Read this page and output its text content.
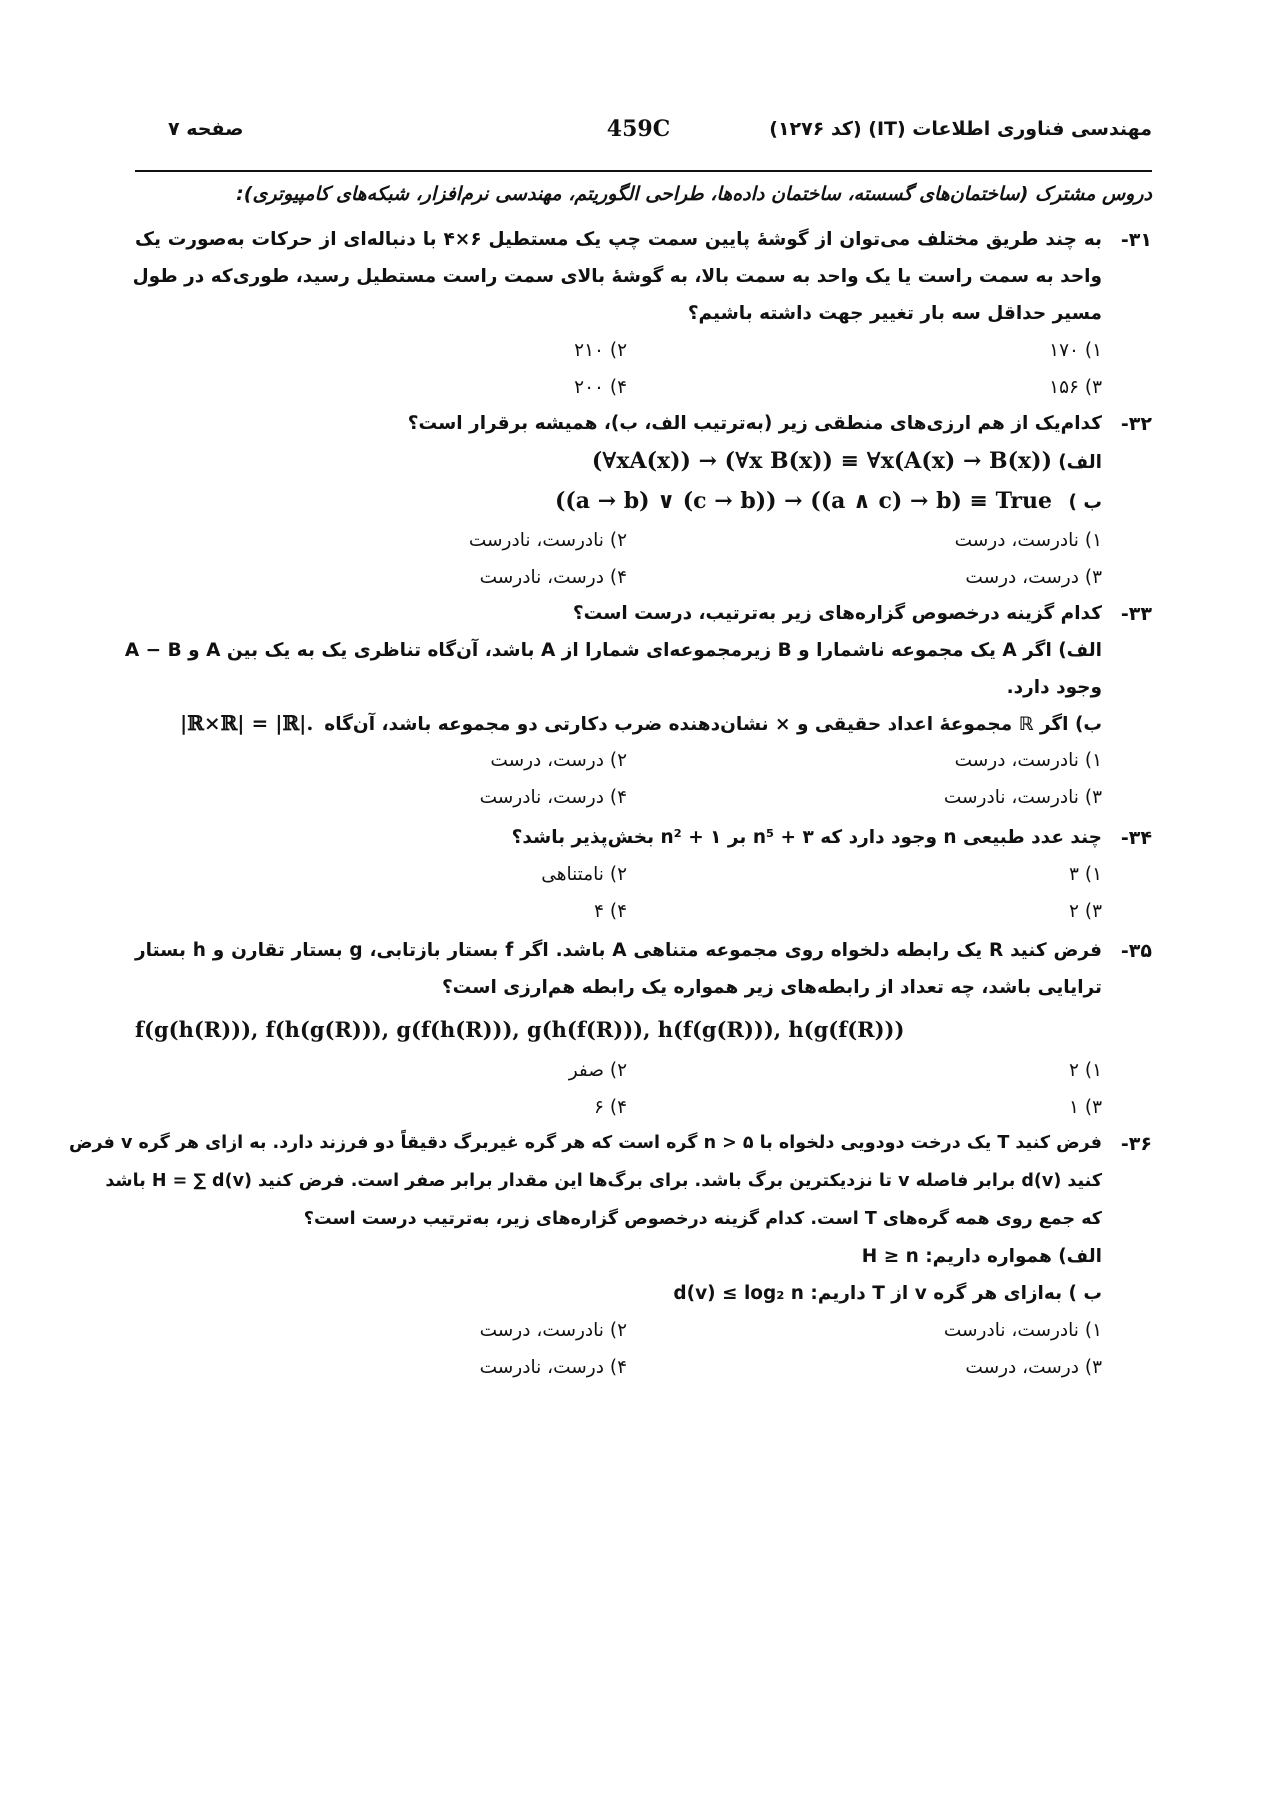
مهندسی فناوری اطلاعات (IT) (کد ۱۲۷۶)
459C
صفحه ۷
دروس مشترک (ساختمان‌های گسسته، ساختمان داده‌ها، طراحی الگوریتم، مهندسی نرم‌افزار، شبکه‌های کامپیوتری):
۳۱-
به چند طریق مختلف می‌توان از گوشهٔ پایین سمت چپ یک مستطیل ۶×۴ با دنباله‌ای از حرکات به‌صورت یک
واحد به سمت راست یا یک واحد به سمت بالا، به گوشهٔ بالای سمت راست مستطیل رسید، طوری‌که در طول
مسیر حداقل سه بار تغییر جهت داشته باشیم؟
۱) ۱۷۰
۲) ۲۱۰
۳) ۱۵۶
۴) ۲۰۰
۳۲-
کدام‌یک از هم ارزی‌های منطقی زیر (به‌ترتیب الف، ب)، همیشه برقرار است؟
الف)
(∀xA(x)) → (∀x B(x)) ≡ ∀x(A(x) → B(x))
ب )
((a → b) ∨ (c → b)) → ((a ∧ c) → b) ≡ True
۱) نادرست، درست
۲) نادرست، نادرست
۳) درست، درست
۴) درست، نادرست
۳۳-
کدام گزینه درخصوص گزاره‌های زیر به‌ترتیب، درست است؟
الف) اگر A یک مجموعه ناشمارا و B زیرمجموعه‌ای شمارا از A باشد، آن‌گاه تناظری یک به یک بین A و A − B
وجود دارد.
ب) اگر ℝ مجموعهٔ اعداد حقیقی و × نشان‌دهنده ضرب دکارتی دو مجموعه باشد، آن‌گاه
|ℝ×ℝ| = |ℝ|.
۱) نادرست، درست
۲) درست، درست
۳) نادرست، نادرست
۴) درست، نادرست
۳۴-
چند عدد طبیعی n وجود دارد که n⁵ + ۳ بر n² + ۱ بخش‌پذیر باشد؟
۱) ۳
۲) نامتناهی
۳) ۲
۴) ۴
۳۵-
فرض کنید R یک رابطه دلخواه روی مجموعه متناهی A باشد. اگر f بستار بازتابی، g بستار تقارن و h بستار
ترایایی باشد، چه تعداد از رابطه‌های زیر همواره یک رابطه هم‌ارزی است؟
f(g(h(R))), f(h(g(R))), g(f(h(R))), g(h(f(R))), h(f(g(R))), h(g(f(R)))
۱) ۲
۲) صفر
۳) ۱
۴) ۶
۳۶-
فرض کنید T یک درخت دودویی دلخواه با n > ۵ گره است که هر گره غیربرگ دقیقاً دو فرزند دارد. به ازای هر گره v فرض
کنید d(v) برابر فاصله v تا نزدیکترین برگ باشد. برای برگ‌ها این مقدار برابر صفر است. فرض کنید H = ∑ d(v) باشد
که جمع روی همه گره‌های T است. کدام گزینه درخصوص گزاره‌های زیر، به‌ترتیب درست است؟
الف) همواره داریم: H ≥ n
ب ) به‌ازای هر گره v از T داریم: d(v) ≤ log₂ n
۱) نادرست، نادرست
۲) نادرست، درست
۳) درست، درست
۴) درست، نادرست
